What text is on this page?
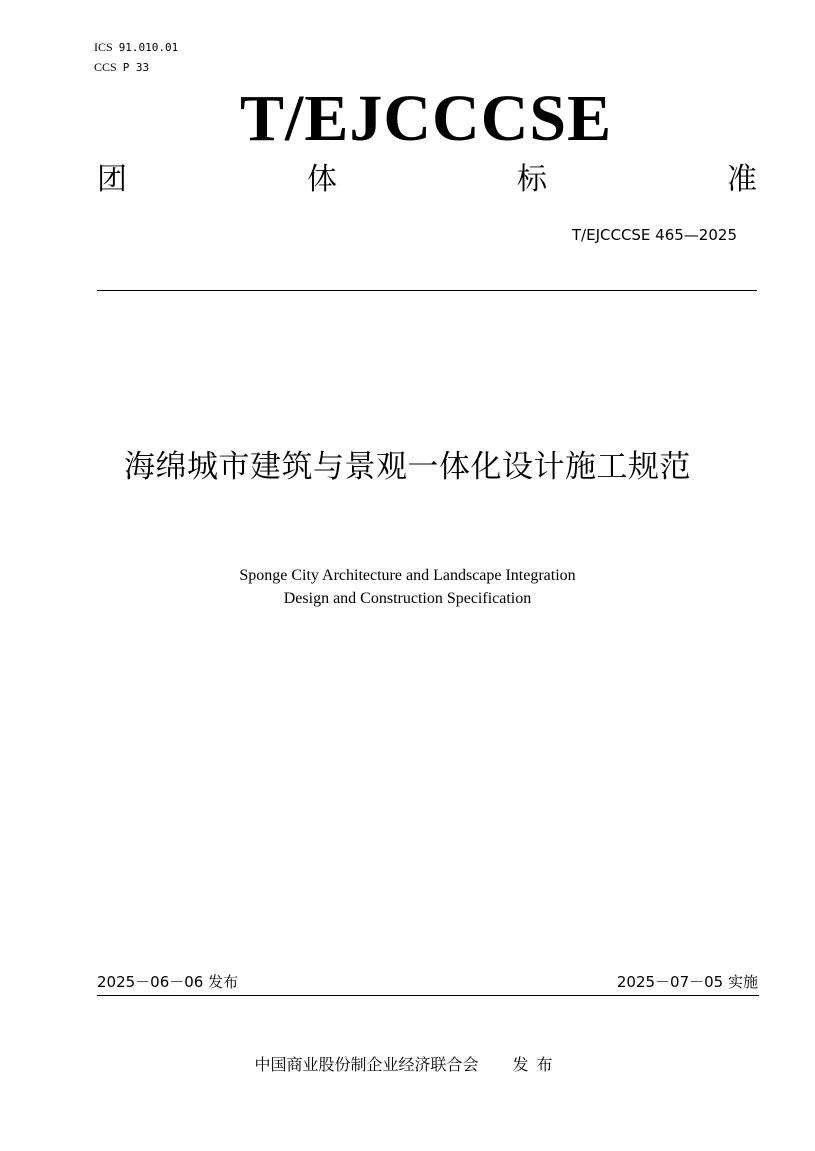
ICS 91.010.01
CCS P 33
T/EJCCCSE
团	体	标	准
T/EJCCCSE 465—2025
海绵城市建筑与景观一体化设计施工规范
Sponge City Architecture and Landscape Integration
Design and Construction Specification
2025－06－06 发布	2025－07－05 实施
中国商业股份制企业经济联合会 发布
